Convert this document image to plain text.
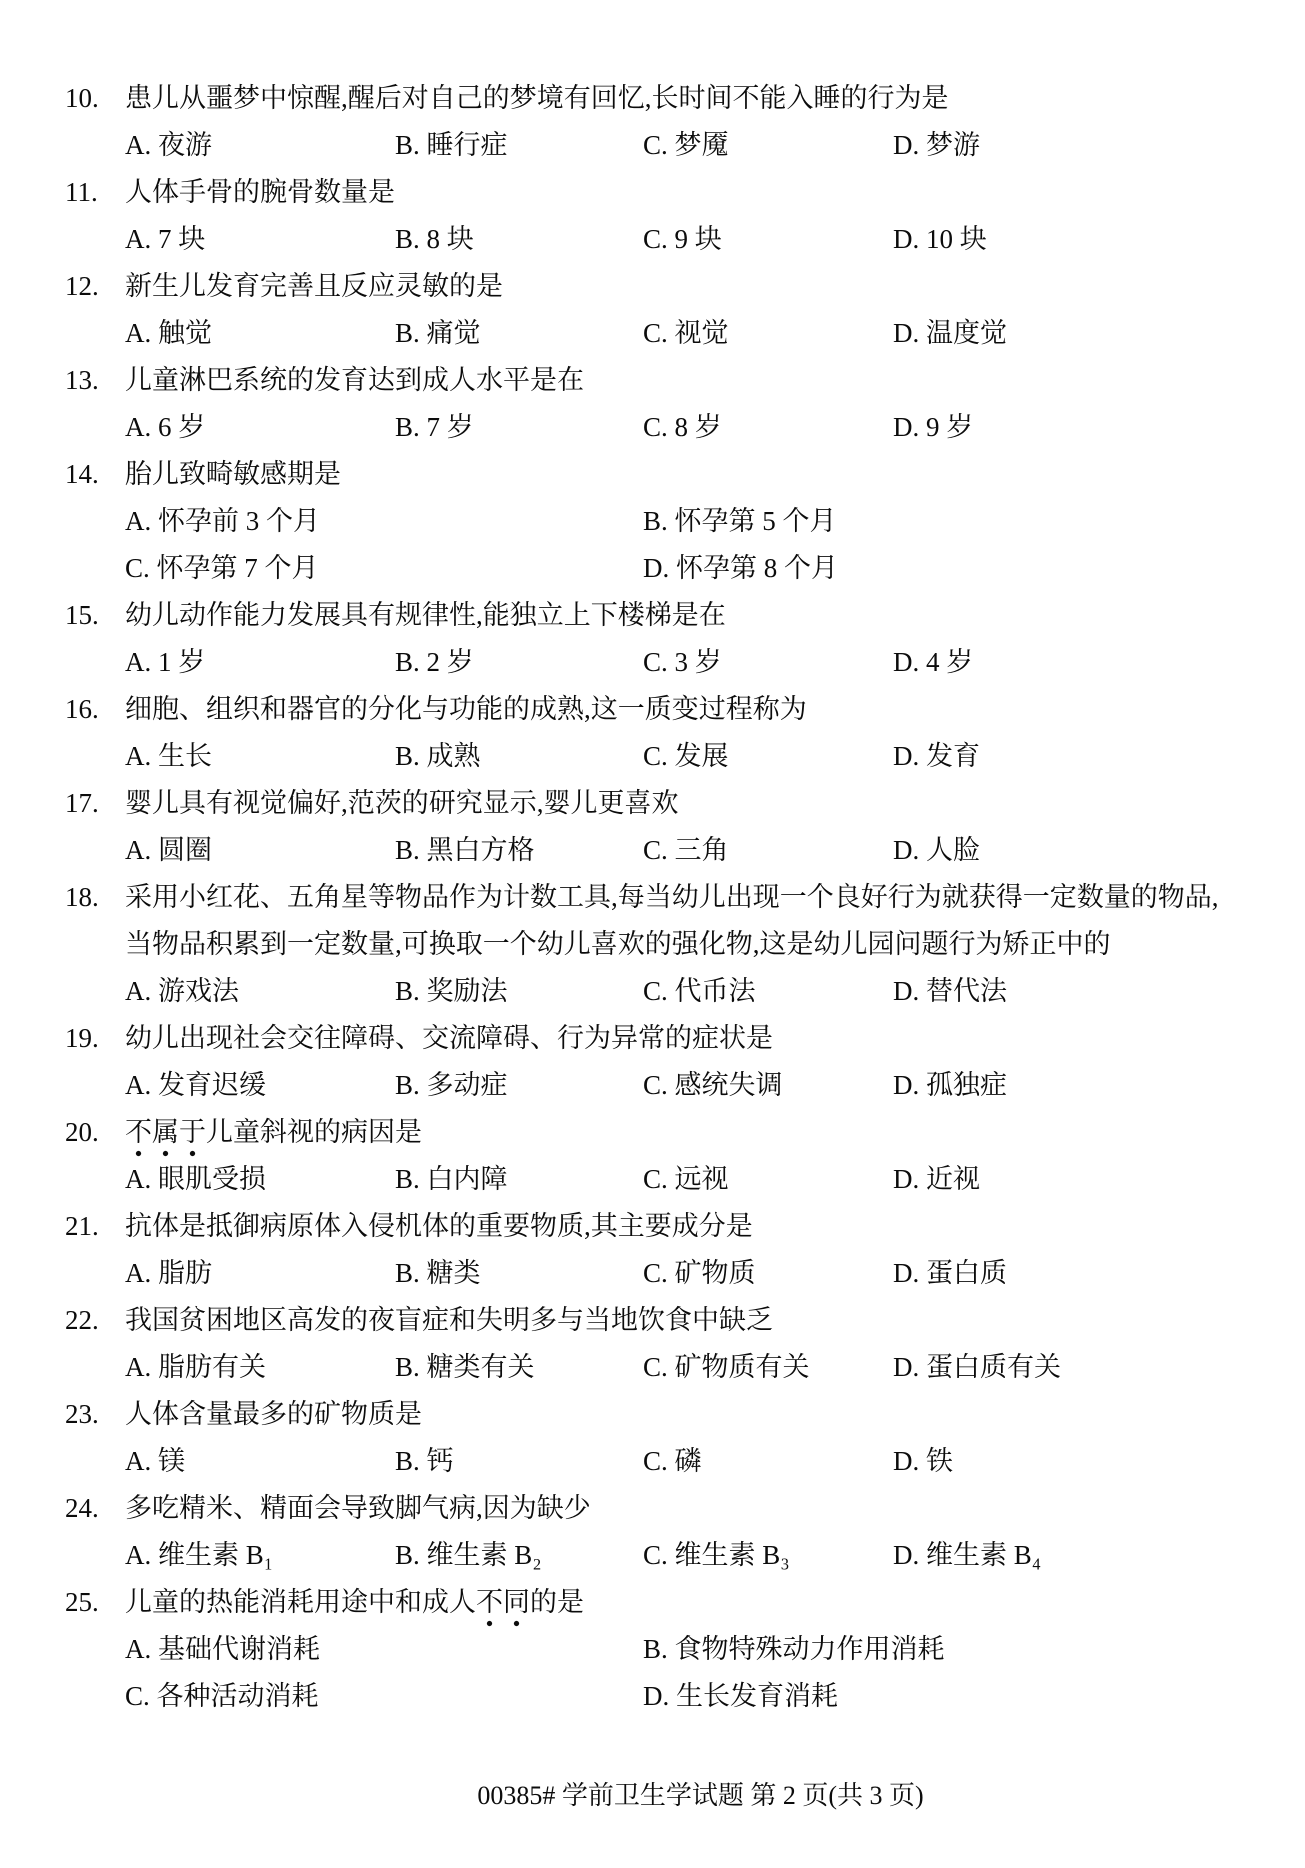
10. 患儿从噩梦中惊醒,醒后对自己的梦境有回忆,长时间不能入睡的行为是
A. 夜游	B. 睡行症	C. 梦魇	D. 梦游
11. 人体手骨的腕骨数量是
A. 7 块	B. 8 块	C. 9 块	D. 10 块
12. 新生儿发育完善且反应灵敏的是
A. 触觉	B. 痛觉	C. 视觉	D. 温度觉
13. 儿童淋巴系统的发育达到成人水平是在
A. 6 岁	B. 7 岁	C. 8 岁	D. 9 岁
14. 胎儿致畸敏感期是
A. 怀孕前 3 个月	B. 怀孕第 5 个月
C. 怀孕第 7 个月	D. 怀孕第 8 个月
15. 幼儿动作能力发展具有规律性,能独立上下楼梯是在
A. 1 岁	B. 2 岁	C. 3 岁	D. 4 岁
16. 细胞、组织和器官的分化与功能的成熟,这一质变过程称为
A. 生长	B. 成熟	C. 发展	D. 发育
17. 婴儿具有视觉偏好,范茨的研究显示,婴儿更喜欢
A. 圆圈	B. 黑白方格	C. 三角	D. 人脸
18. 采用小红花、五角星等物品作为计数工具,每当幼儿出现一个良好行为就获得一定数量的物品,
当物品积累到一定数量,可换取一个幼儿喜欢的强化物,这是幼儿园问题行为矫正中的
A. 游戏法	B. 奖励法	C. 代币法	D. 替代法
19. 幼儿出现社会交往障碍、交流障碍、行为异常的症状是
A. 发育迟缓	B. 多动症	C. 感统失调	D. 孤独症
20. 不属于儿童斜视的病因是
A. 眼肌受损	B. 白内障	C. 远视	D. 近视
21. 抗体是抵御病原体入侵机体的重要物质,其主要成分是
A. 脂肪	B. 糖类	C. 矿物质	D. 蛋白质
22. 我国贫困地区高发的夜盲症和失明多与当地饮食中缺乏
A. 脂肪有关	B. 糖类有关	C. 矿物质有关	D. 蛋白质有关
23. 人体含量最多的矿物质是
A. 镁	B. 钙	C. 磷	D. 铁
24. 多吃精米、精面会导致脚气病,因为缺少
A. 维生素 B₁	B. 维生素 B₂	C. 维生素 B₃	D. 维生素 B₄
25. 儿童的热能消耗用途中和成人不同的是
A. 基础代谢消耗	B. 食物特殊动力作用消耗
C. 各种活动消耗	D. 生长发育消耗
00385# 学前卫生学试题 第 2 页(共 3 页)
